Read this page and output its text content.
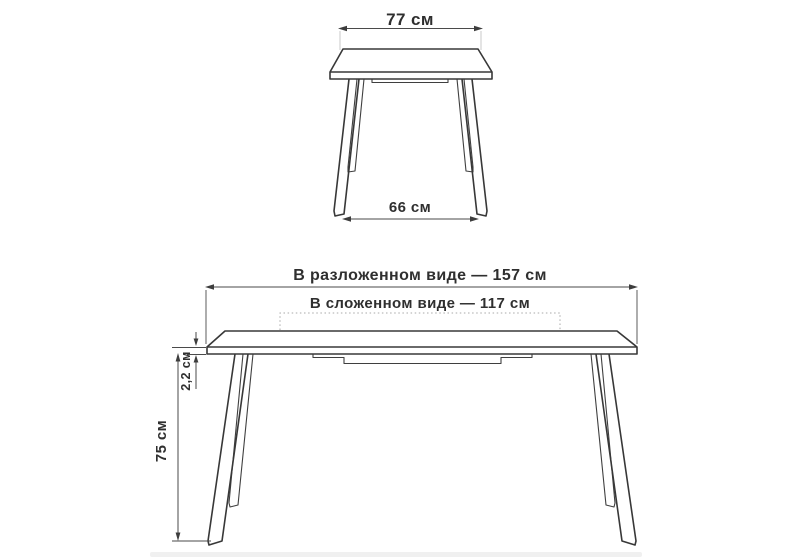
77 см
66 см
В разложенном виде — 157 см
В сложенном виде — 117 см
2,2 см
75 см
